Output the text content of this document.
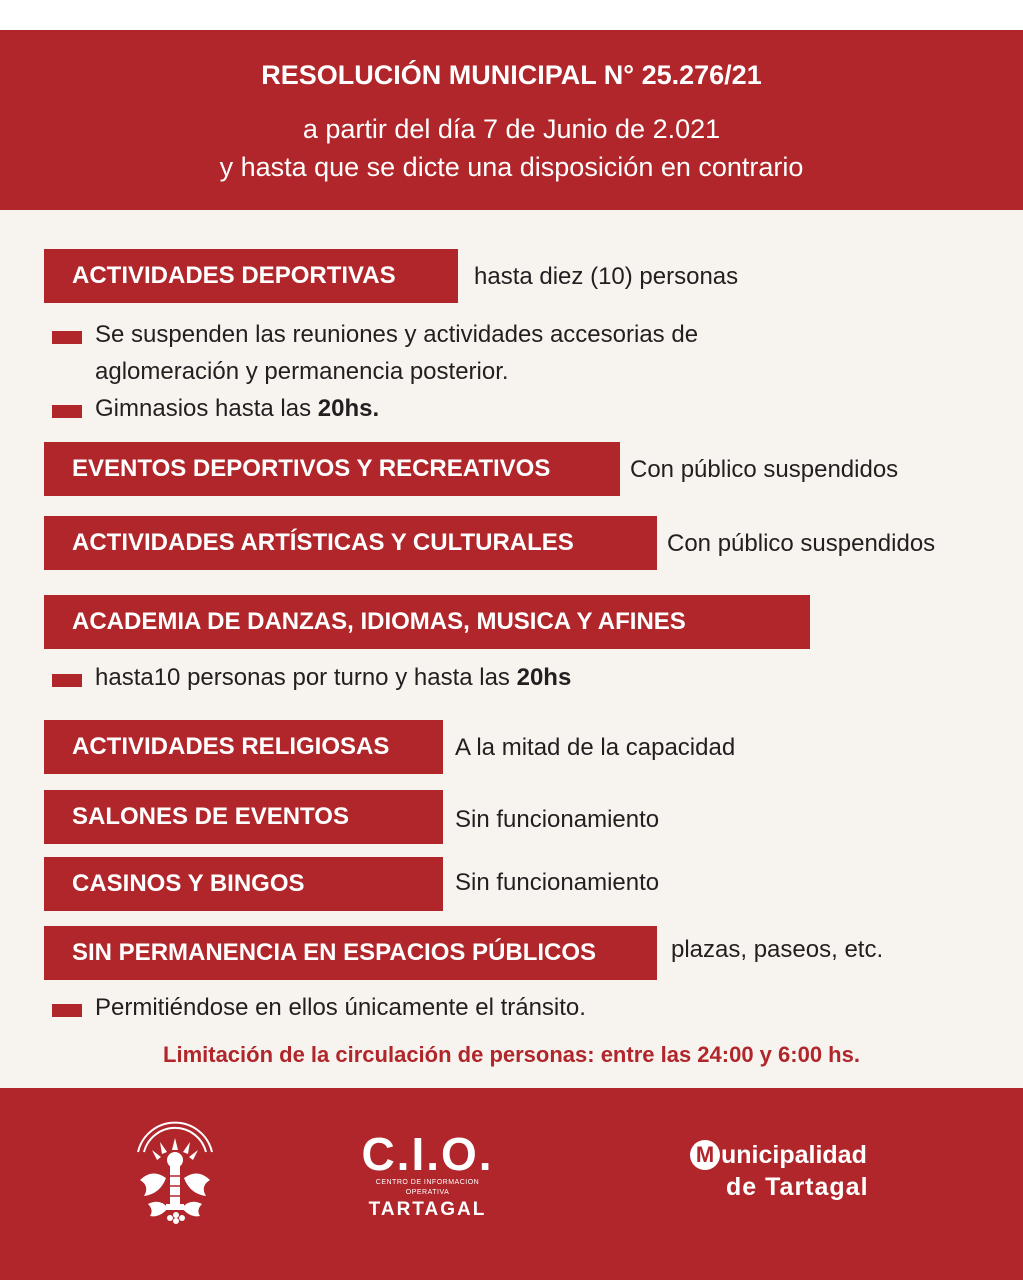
RESOLUCIÓN MUNICIPAL N° 25.276/21
a partir del día 7 de Junio de 2.021
y hasta que se dicte una disposición en contrario
ACTIVIDADES DEPORTIVAS	hasta diez (10) personas
Se suspenden las reuniones y actividades accesorias de
aglomeración y permanencia posterior.
Gimnasios hasta las 20hs.
EVENTOS DEPORTIVOS Y RECREATIVOS	Con público suspendidos
ACTIVIDADES ARTÍSTICAS Y CULTURALES	Con público suspendidos
ACADEMIA DE DANZAS, IDIOMAS, MUSICA Y AFINES
hasta10 personas por turno y hasta las 20hs
ACTIVIDADES RELIGIOSAS	A la mitad de la capacidad
SALONES DE EVENTOS	Sin funcionamiento
CASINOS Y BINGOS	Sin funcionamiento
SIN PERMANENCIA EN ESPACIOS PÚBLICOS	plazas, paseos, etc.
Permitiéndose en ellos únicamente el tránsito.
Limitación de la circulación de personas: entre las 24:00 y 6:00 hs.
C.I.O.
CENTRO DE INFORMACION OPERATIVA
TARTAGAL
M unicipalidad
de Tartagal
